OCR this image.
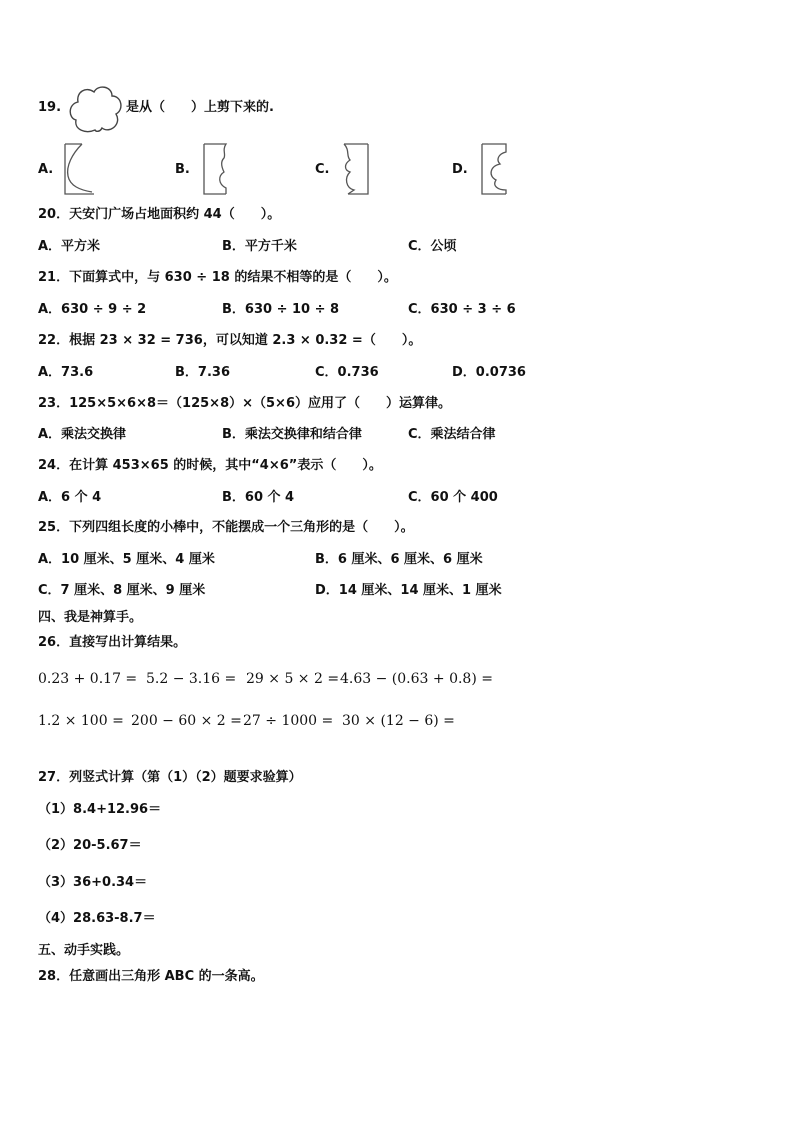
19.	是从（　　）上剪下来的.
A.	B.	C.	D.
20．天安门广场占地面积约 44（　　）。
A．平方米	B．平方千米	C．公顷
21．下面算式中，与 630 ÷ 18 的结果不相等的是（　　）。
A．630 ÷ 9 ÷ 2	B．630 ÷ 10 ÷ 8	C．630 ÷ 3 ÷ 6
22．根据 23 × 32 = 736，可以知道 2.3 × 0.32 =（　　）。
A．73.6	B．7.36	C．0.736	D．0.0736
23．125×5×6×8＝（125×8）×（5×6）应用了（　　）运算律。
A．乘法交换律	B．乘法交换律和结合律	C．乘法结合律
24．在计算 453×65 的时候，其中“4×6”表示（　　）。
A．6 个 4	B．60 个 4	C．60 个 400
25．下列四组长度的小棒中，不能摆成一个三角形的是（　　）。
A．10 厘米、5 厘米、4 厘米	B．6 厘米、6 厘米、6 厘米
C．7 厘米、8 厘米、9 厘米	D．14 厘米、14 厘米、1 厘米
四、我是神算手。
26．直接写出计算结果。
0.23 + 0.17 = 5.2 − 3.16 = 29 × 5 × 2 = 4.63 − (0.63 + 0.8) =
1.2 × 100 = 200 − 60 × 2 = 27 ÷ 1000 = 30 × (12 − 6) =
27．列竖式计算（第（1）（2）题要求验算）
（1）8.4+12.96＝
（2）20-5.67＝
（3）36+0.34＝
（4）28.63-8.7＝
五、动手实践。
28．任意画出三角形 ABC 的一条高。
